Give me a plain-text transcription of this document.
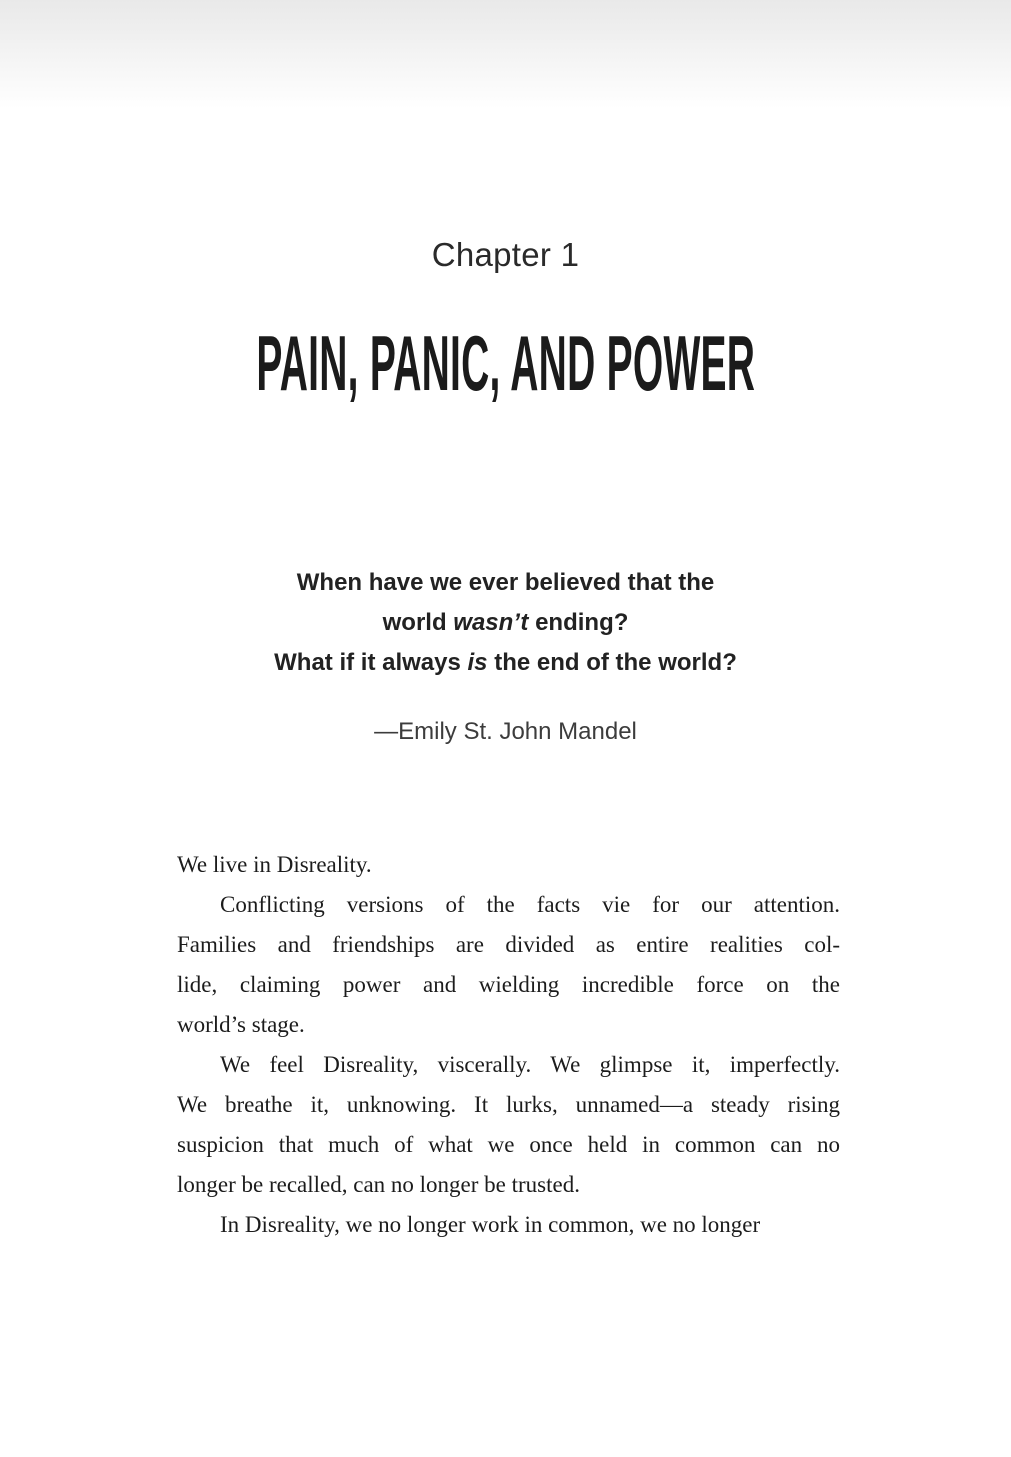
Chapter 1
PAIN, PANIC, AND POWER
When have we ever believed that the
world wasn’t ending?
What if it always is the end of the world?
—Emily St. John Mandel
We live in Disreality.
Conflicting versions of the facts vie for our attention.
Families and friendships are divided as entire realities col-
lide, claiming power and wielding incredible force on the
world’s stage.
We feel Disreality, viscerally. We glimpse it, imperfectly.
We breathe it, unknowing. It lurks, unnamed—a steady rising
suspicion that much of what we once held in common can no
longer be recalled, can no longer be trusted.
In Disreality, we no longer work in common, we no longer
